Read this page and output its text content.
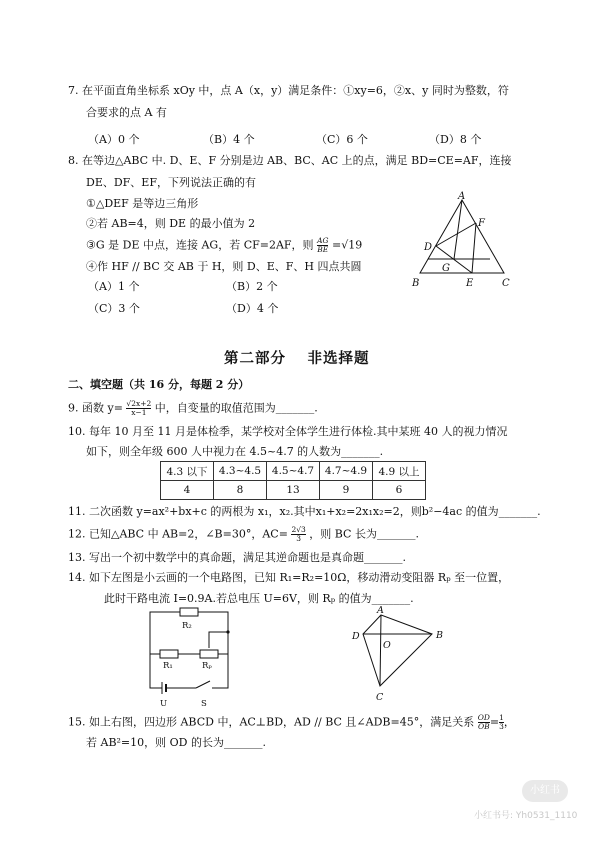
7. 在平面直角坐标系 xOy 中，点 A（x，y）满足条件：①xy=6，②x、y 同时为整数，符
合要求的点 A 有
（A）0 个	（B）4 个	（C）6 个	（D）8 个
8. 在等边△ABC 中. D、E、F 分别是边 AB、BC、AC 上的点，满足 BD=CE=AF，连接
DE、DF、EF，下列说法正确的有
①△DEF 是等边三角形
②若 AB=4，则 DE 的最小值为 2
③G 是 DE 中点，连接 AG，若 CF=2AF，则 $\frac{AG}{BE} =√19$
④作 HF // BC 交 AB 于 H，则 D、E、F、H 四点共圆
（A）1 个	（B）2 个
（C）3 个	（D）4 个
A
B	C
D
E
F
G
第二部分　 非选择题
二、填空题（共 16 分，每题 2 分）
9. 函数 $y= \frac{√2x+2}{x-1}$ 中，自变量的取值范围为_______.
10. 每年 10 月至 11 月是体检季，某学校对全体学生进行体检.其中某班 40 人的视力情况
如下，则全年级 600 人中视力在 4.5~4.7 的人数为_______.
4.3 以下	4.3~4.5	4.5~4.7	4.7~4.9	4.9 以上
4	8	13	9	6
11. 二次函数 y=ax²+bx+c 的两根为 x₁，x₂.其中x₁+x₂=2x₁x₂=2，则b²−4ac 的值为_______.
12. 已知△ABC 中 AB=2，∠B=30°，$AC= \frac{2√3}{3}$ ，则 BC 长为_______.
13. 写出一个初中数学中的真命题，满足其逆命题也是真命题_______.
14. 如下左图是小云画的一个电路图，已知 R₁=R₂=10Ω，移动滑动变阻器 Rₚ 至一位置，
此时干路电流 I=0.9A.若总电压 U=6V，则 Rₚ 的值为_______.
R₂
R₁	Rₚ
U	S
A
B
C
D
O
15. 如上右图，四边形 ABCD 中，AC⊥BD，AD // BC 且∠ADB=45°，满足关系 $\frac{OD}{OB} = \frac{1}{3}$ ，
若 AB²=10，则 OD 的长为_______.
小红书
小红书号: Yh0531_1110
